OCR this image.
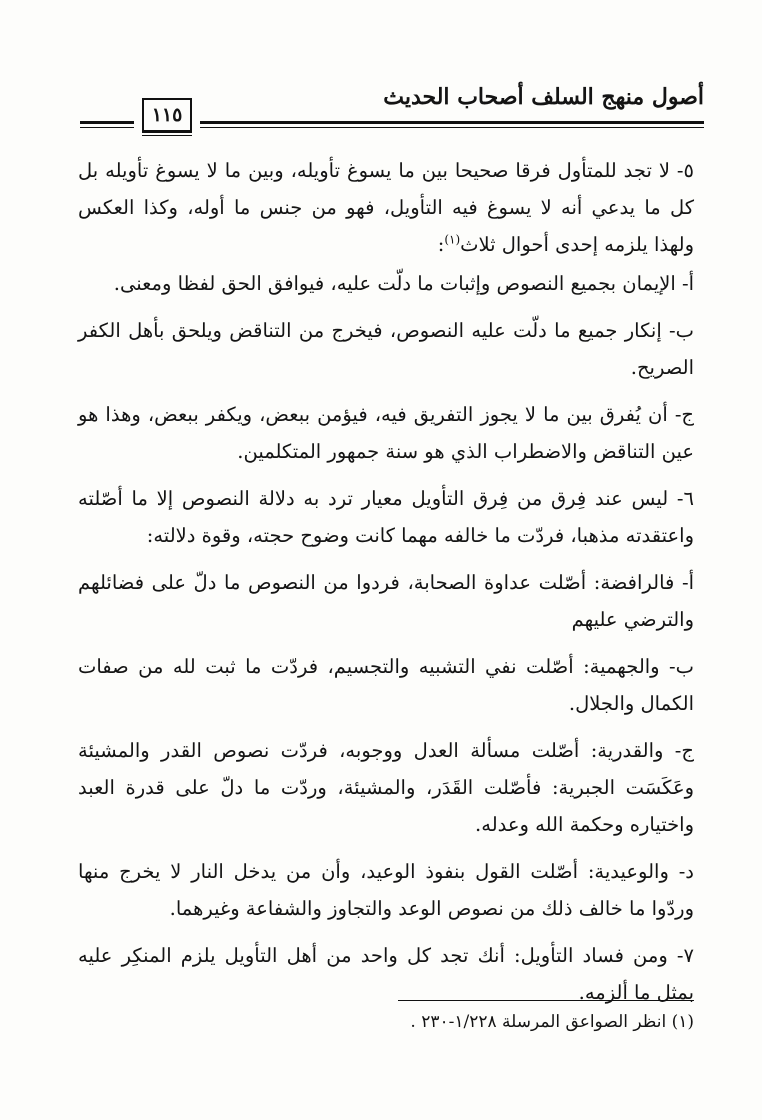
أصول منهج السلف أصحاب الحديث
١١٥

٥- لا تجد للمتأول فرقا صحيحا بين ما يسوغ تأويله، وبين ما لا يسوغ تأويله بل كل ما يدعي أنه لا يسوغ فيه التأويل، فهو من جنس ما أوله، وكذا العكس ولهذا يلزمه إحدى أحوال ثلاث$^{(١)}$:

أ- الإيمان بجميع النصوص وإثبات ما دلّت عليه، فيوافق الحق لفظا ومعنى.

ب- إنكار جميع ما دلّت عليه النصوص، فيخرج من التناقض ويلحق بأهل الكفر الصريح.

ج- أن يُفرق بين ما لا يجوز التفريق فيه، فيؤمن ببعض، ويكفر ببعض، وهذا هو عين التناقض والاضطراب الذي هو سنة جمهور المتكلمين.

٦- ليس عند فِرق من فِرق التأويل معيار ترد به دلالة النصوص إلا ما أصّلته واعتقدته مذهبا، فردّت ما خالفه مهما كانت وضوح حجته، وقوة دلالته:

أ- فالرافضة: أصّلت عداوة الصحابة، فردوا من النصوص ما دلّ على فضائلهم والترضي عليهم

ب- والجهمية: أصّلت نفي التشبيه والتجسيم، فردّت ما ثبت لله من صفات الكمال والجلال.

ج- والقدرية: أصّلت مسألة العدل ووجوبه، فردّت نصوص القدر والمشيئة وعَكَسَت الجبرية: فأصّلت القَدَر، والمشيئة، وردّت ما دلّ على قدرة العبد واختياره وحكمة الله وعدله.

د- والوعيدية: أصّلت القول بنفوذ الوعيد، وأن من يدخل النار لا يخرج منها وردّوا ما خالف ذلك من نصوص الوعد والتجاوز والشفاعة وغيرهما.

٧- ومن فساد التأويل: أنك تجد كل واحد من أهل التأويل يلزم المنكِر عليه بمثل ما ألزمه.

(١) انظر الصواعق المرسلة ١/٢٢٨-٢٣٠ .
